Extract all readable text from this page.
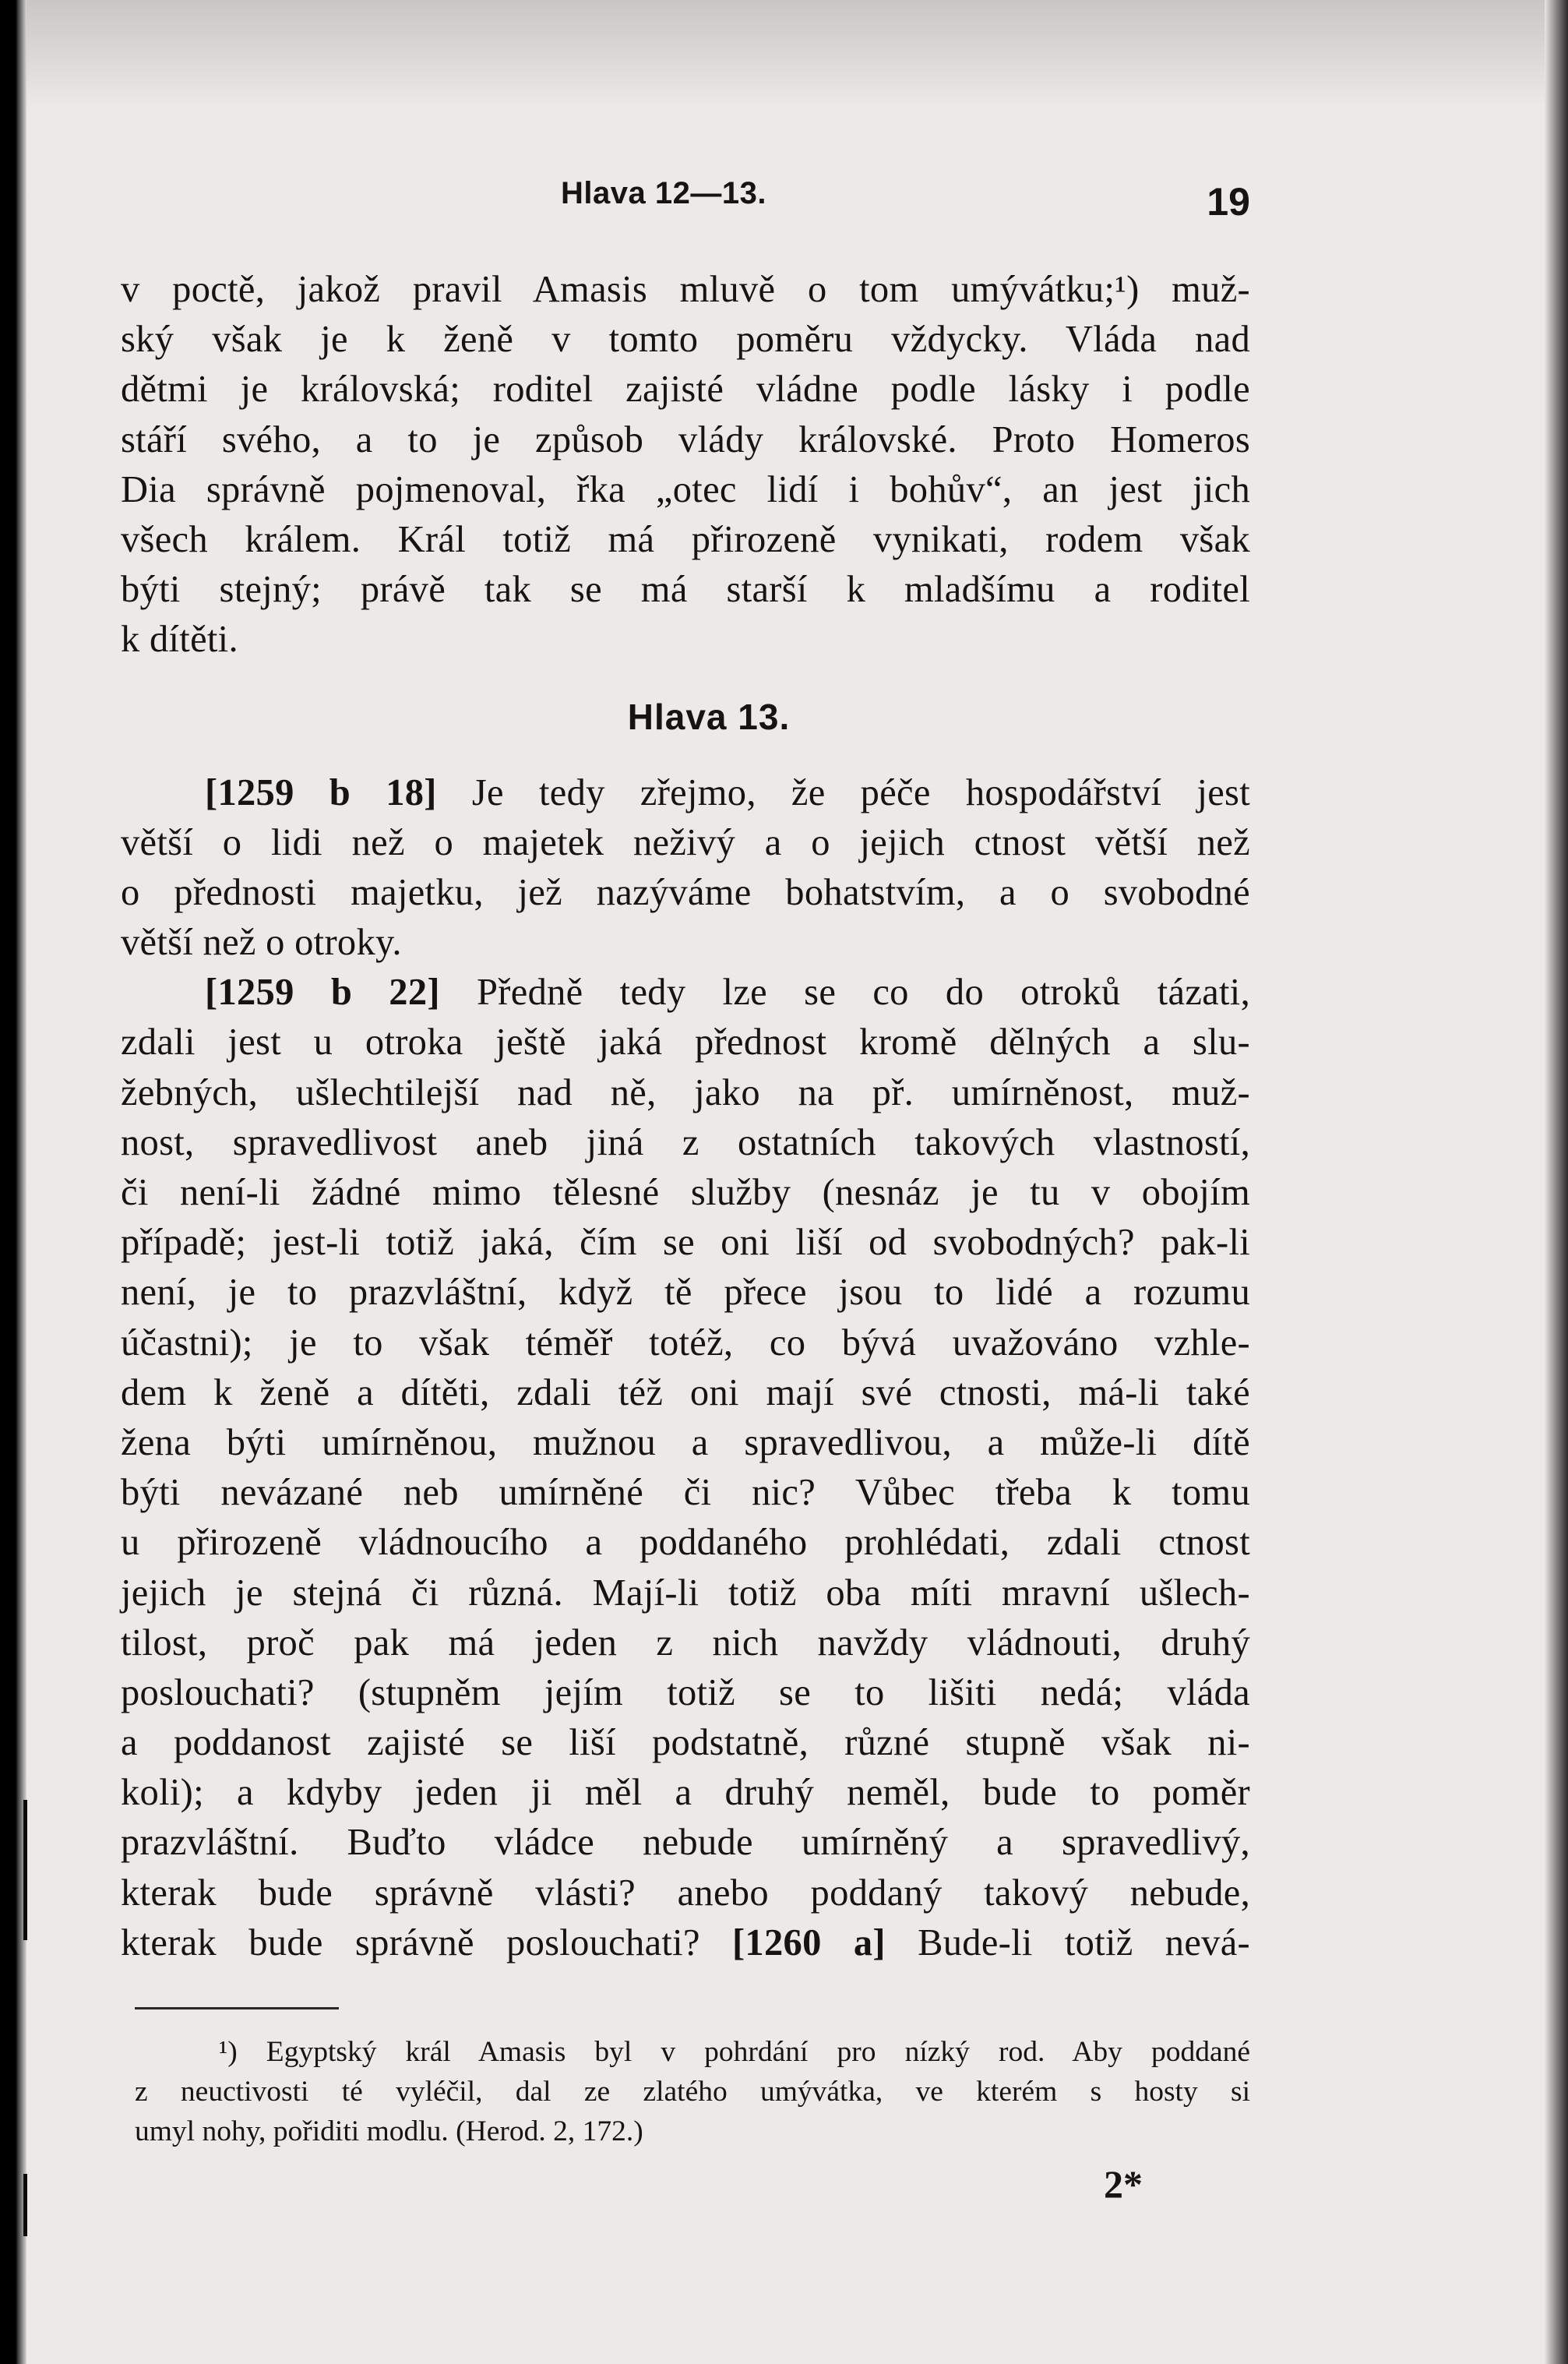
Hlava 12—13.	19
v poctě, jakož pravil Amasis mluvě o tom umývátku;¹) muž-
ský však je k ženě v tomto poměru vždycky. Vláda nad
dětmi je královská; roditel zajisté vládne podle lásky i podle
stáří svého, a to je způsob vlády královské. Proto Homeros
Dia správně pojmenoval, řka „otec lidí i bohův“, an jest jich
všech králem. Král totiž má přirozeně vynikati, rodem však
býti stejný; právě tak se má starší k mladšímu a roditel
k dítěti.
Hlava 13.
[1259 b 18] Je tedy zřejmo, že péče hospodářství jest
větší o lidi než o majetek neživý a o jejich ctnost větší než
o přednosti majetku, jež nazýváme bohatstvím, a o svobodné
větší než o otroky.
[1259 b 22] Předně tedy lze se co do otroků tázati,
zdali jest u otroka ještě jaká přednost kromě dělných a slu-
žebných, ušlechtilejší nad ně, jako na př. umírněnost, muž-
nost, spravedlivost aneb jiná z ostatních takových vlastností,
či není-li žádné mimo tělesné služby (nesnáz je tu v obojím
případě; jest-li totiž jaká, čím se oni liší od svobodných? pak-li
není, je to prazvláštní, když tě přece jsou to lidé a rozumu
účastni); je to však téměř totéž, co bývá uvažováno vzhle-
dem k ženě a dítěti, zdali též oni mají své ctnosti, má-li také
žena býti umírněnou, mužnou a spravedlivou, a může-li dítě
býti nevázané neb umírněné či nic? Vůbec třeba k tomu
u přirozeně vládnoucího a poddaného prohlédati, zdali ctnost
jejich je stejná či různá. Mají-li totiž oba míti mravní ušlech-
tilost, proč pak má jeden z nich navždy vládnouti, druhý
poslouchati? (stupněm jejím totiž se to lišiti nedá; vláda
a poddanost zajisté se liší podstatně, různé stupně však ni-
koli); a kdyby jeden ji měl a druhý neměl, bude to poměr
prazvláštní. Buďto vládce nebude umírněný a spravedlivý,
kterak bude správně vlásti? anebo poddaný takový nebude,
kterak bude správně poslouchati? [1260 a] Bude-li totiž nevá-
¹) Egyptský král Amasis byl v pohrdání pro nízký rod. Aby poddané
z neuctivosti té vyléčil, dal ze zlatého umývátka, ve kterém s hosty si
umyl nohy, pořiditi modlu. (Herod. 2, 172.)
2*
